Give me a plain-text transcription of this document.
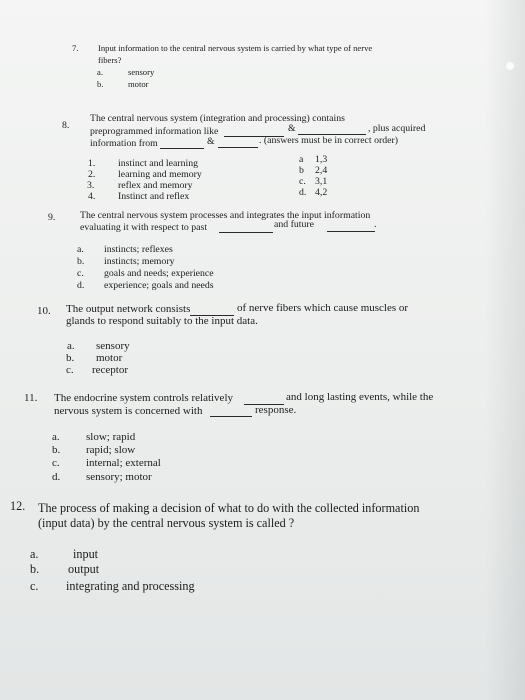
7. Input information to the central nervous system is carried by what type of nerve
fibers?
a.	sensory
b.	motor
8.
The central nervous system (integration and processing) contains
preprogrammed information like	&	, plus acquired
information from	&	. (answers must be in correct order)
1. instinct and learning
2. learning and memory
3. reflex and memory
4. Instinct and reflex
a 1,3
b 2,4
c. 3,1
d. 4,2
9.	The central nervous system processes and integrates the input information
evaluating it with respect to past	and future	.
a. instincts; reflexes
b. instincts; memory
c. goals and needs; experience
d. experience; goals and needs
10. The output network consists	of nerve fibers which cause muscles or
glands to respond suitably to the input data.
a. sensory
b. motor
c. receptor
11. The endocrine system controls relatively	and long lasting events, while the
nervous system is concerned with	response.
a. slow; rapid
b. rapid; slow
c. internal; external
d. sensory; motor
12. The process of making a decision of what to do with the collected information
(input data) by the central nervous system is called ?
a.	input
b. output
c. integrating and processing
